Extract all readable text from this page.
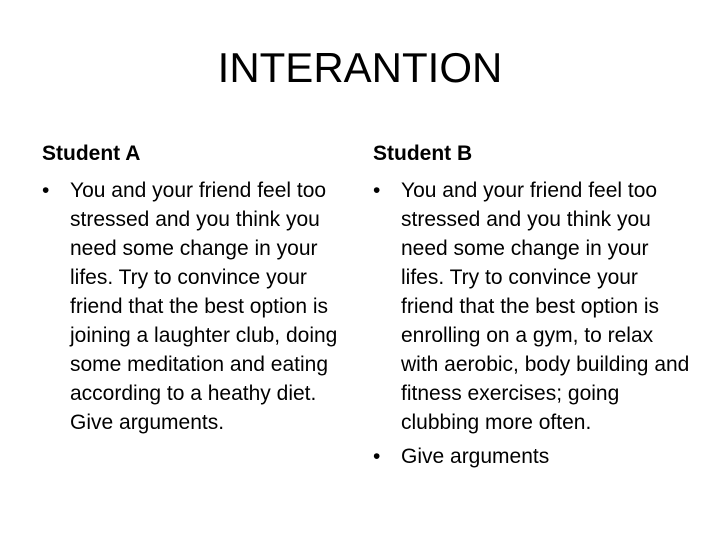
INTERANTION
Student A
• You and your friend feel too stressed and you think you need some change in your lifes. Try to convince your friend that the best option is joining a laughter club, doing some meditation and eating according to a heathy diet. Give arguments.
Student B
• You and your friend feel too stressed and you think you need some change in your lifes. Try to convince your friend that the best option is enrolling on a gym, to relax with aerobic, body building and fitness exercises; going clubbing more often.
• Give arguments
